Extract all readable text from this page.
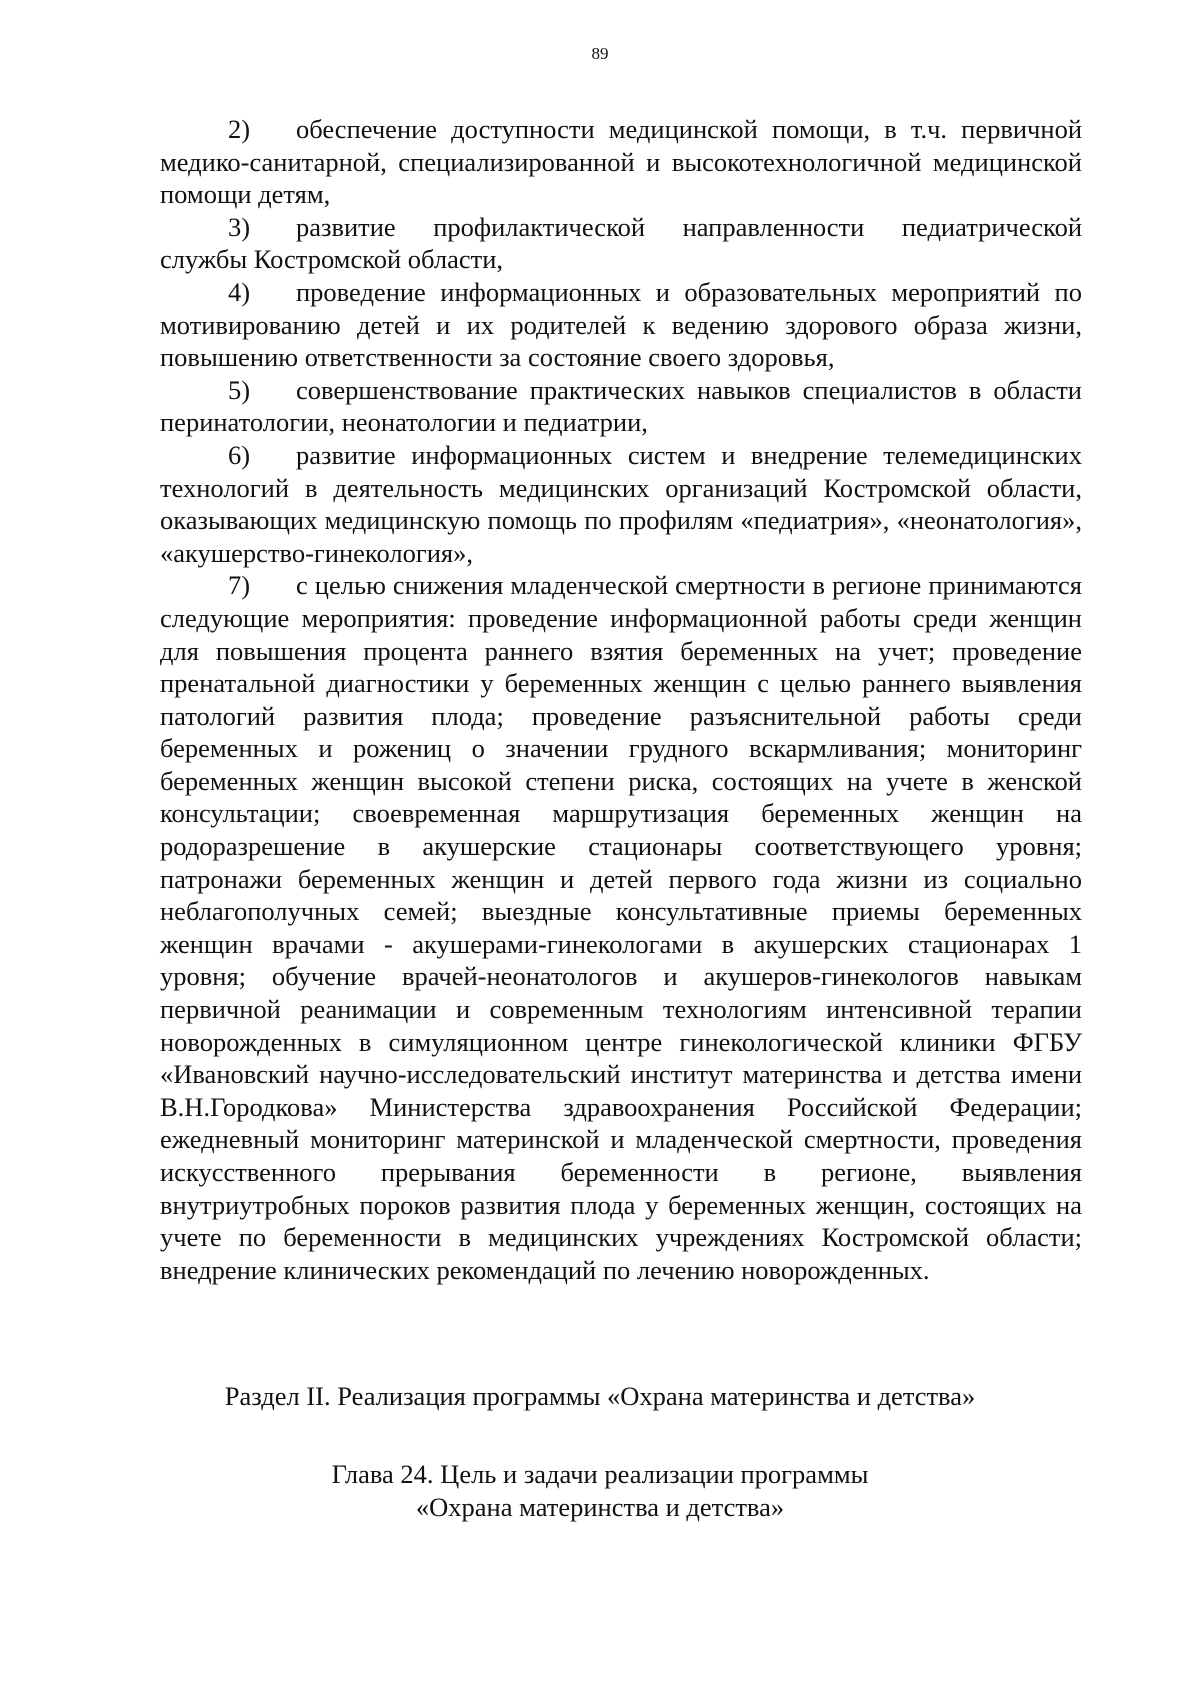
89

2) обеспечение доступности медицинской помощи, в т.ч. первичной медико-санитарной, специализированной и высокотехнологичной медицинской помощи детям,

3) развитие профилактической направленности педиатрической службы Костромской области,

4) проведение информационных и образовательных мероприятий по мотивированию детей и их родителей к ведению здорового образа жизни, повышению ответственности за состояние своего здоровья,

5) совершенствование практических навыков специалистов в области перинатологии, неонатологии и педиатрии,

6) развитие информационных систем и внедрение телемедицинских технологий в деятельность медицинских организаций Костромской области, оказывающих медицинскую помощь по профилям «педиатрия», «неонатология», «акушерство-гинекология»,

7) с целью снижения младенческой смертности в регионе принимаются следующие мероприятия: проведение информационной работы среди женщин для повышения процента раннего взятия беременных на учет; проведение пренатальной диагностики у беременных женщин с целью раннего выявления патологий развития плода; проведение разъяснительной работы среди беременных и рожениц о значении грудного вскармливания; мониторинг беременных женщин высокой степени риска, состоящих на учете в женской консультации; своевременная маршрутизация беременных женщин на родоразрешение в акушерские стационары соответствующего уровня; патронажи беременных женщин и детей первого года жизни из социально неблагополучных семей; выездные консультативные приемы беременных женщин врачами - акушерами-гинекологами в акушерских стационарах 1 уровня; обучение врачей-неонатологов и акушеров-гинекологов навыкам первичной реанимации и современным технологиям интенсивной терапии новорожденных в симуляционном центре гинекологической клиники ФГБУ «Ивановский научно-исследовательский институт материнства и детства имени В.Н.Городкова» Министерства здравоохранения Российской Федерации; ежедневный мониторинг материнской и младенческой смертности, проведения искусственного прерывания беременности в регионе, выявления внутриутробных пороков развития плода у беременных женщин, состоящих на учете по беременности в медицинских учреждениях Костромской области; внедрение клинических рекомендаций по лечению новорожденных.

Раздел II. Реализация программы «Охрана материнства и детства»
Глава 24. Цель и задачи реализации программы
«Охрана материнства и детства»
